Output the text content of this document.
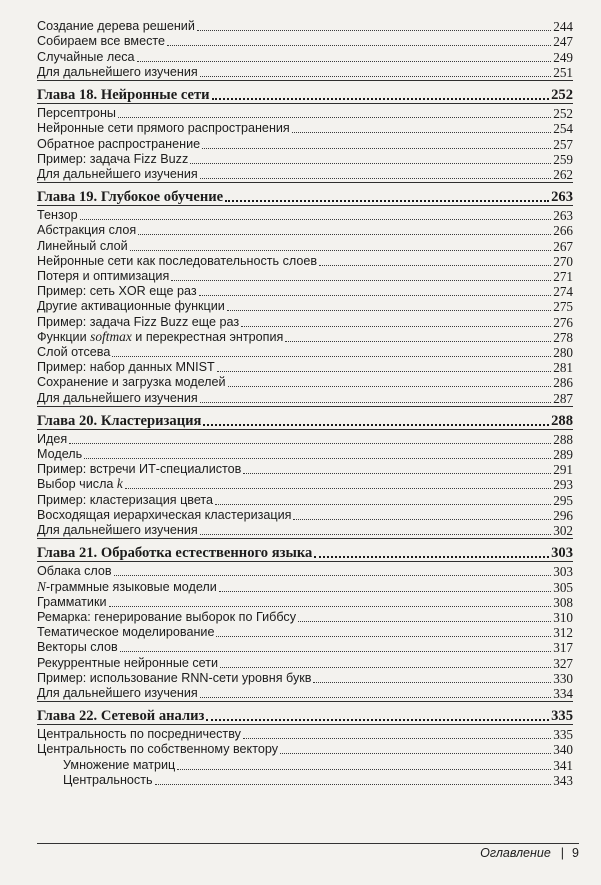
Создание дерева решений	244
Собираем все вместе	247
Случайные леса	249
Для дальнейшего изучения	251
Глава 18. Нейронные сети	252
Персептроны	252
Нейронные сети прямого распространения	254
Обратное распространение	257
Пример: задача Fizz Buzz	259
Для дальнейшего изучения	262
Глава 19. Глубокое обучение	263
Тензор	263
Абстракция слоя	266
Линейный слой	267
Нейронные сети как последовательность слоев	270
Потеря и оптимизация	271
Пример: сеть XOR еще раз	274
Другие активационные функции	275
Пример: задача Fizz Buzz еще раз	276
Функции softmax и перекрестная энтропия	278
Слой отсева	280
Пример: набор данных MNIST	281
Сохранение и загрузка моделей	286
Для дальнейшего изучения	287
Глава 20. Кластеризация	288
Идея	288
Модель	289
Пример: встречи ИТ-специалистов	291
Выбор числа k	293
Пример: кластеризация цвета	295
Восходящая иерархическая кластеризация	296
Для дальнейшего изучения	302
Глава 21. Обработка естественного языка	303
Облака слов	303
N-граммные языковые модели	305
Грамматики	308
Ремарка: генерирование выборок по Гиббсу	310
Тематическое моделирование	312
Векторы слов	317
Рекуррентные нейронные сети	327
Пример: использование RNN-сети уровня букв	330
Для дальнейшего изучения	334
Глава 22. Сетевой анализ	335
Центральность по посредничеству	335
Центральность по собственному вектору	340
Умножение матриц	341
Центральность	343
Оглавление | 9
